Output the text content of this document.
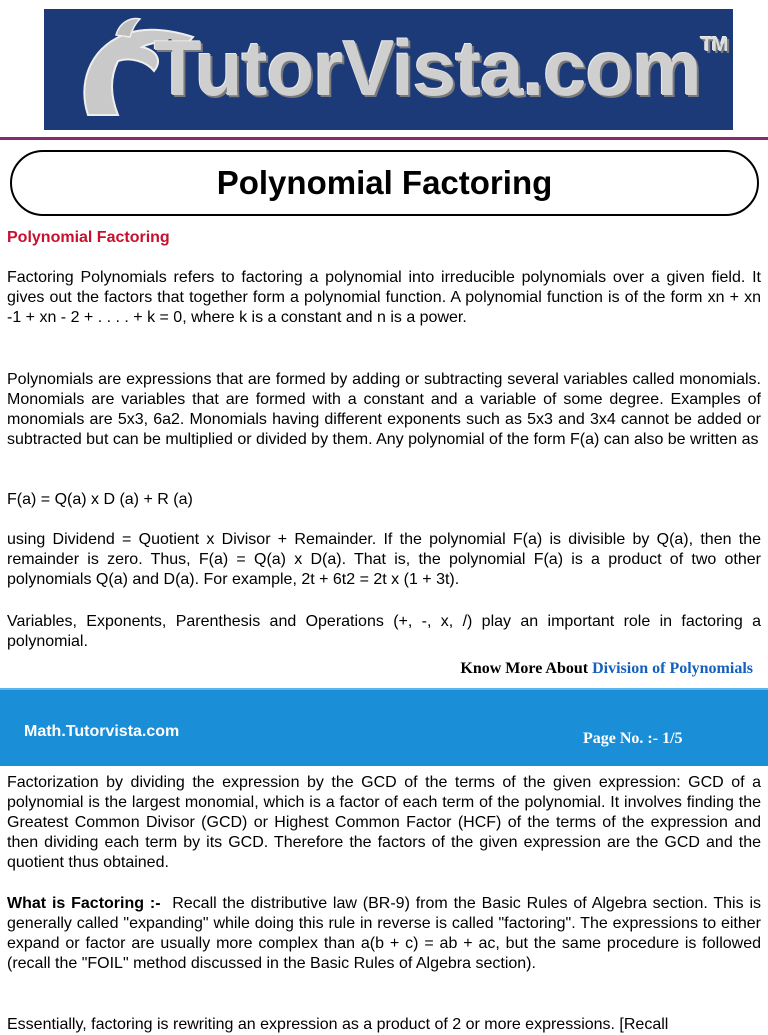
TutorVista.com™
Polynomial Factoring
Polynomial Factoring

Factoring Polynomials refers to factoring a polynomial into irreducible polynomials over a given field. It gives out the factors that together form a polynomial function. A polynomial function is of the form xn + xn -1 + xn - 2 + . . . . + k = 0, where k is a constant and n is a power.

Polynomials are expressions that are formed by adding or subtracting several variables called monomials. Monomials are variables that are formed with a constant and a variable of some degree. Examples of monomials are 5x3, 6a2. Monomials having different exponents such as 5x3 and 3x4 cannot be added or subtracted but can be multiplied or divided by them. Any polynomial of the form F(a) can also be written as

F(a) = Q(a) x D (a) + R (a)

using Dividend = Quotient x Divisor + Remainder. If the polynomial F(a) is divisible by Q(a), then the remainder is zero. Thus, F(a) = Q(a) x D(a). That is, the polynomial F(a) is a product of two other polynomials Q(a) and D(a). For example, 2t + 6t2 = 2t x (1 + 3t).

Variables, Exponents, Parenthesis and Operations (+, -, x, /) play an important role in factoring a polynomial.

Know More About Division of Polynomials
Math.Tutorvista.com	Page No. :- 1/5

Factorization by dividing the expression by the GCD of the terms of the given expression: GCD of a polynomial is the largest monomial, which is a factor of each term of the polynomial. It involves finding the Greatest Common Divisor (GCD) or Highest Common Factor (HCF) of the terms of the expression and then dividing each term by its GCD. Therefore the factors of the given expression are the GCD and the quotient thus obtained.

What is Factoring :- Recall the distributive law (BR-9) from the Basic Rules of Algebra section. This is generally called "expanding" while doing this rule in reverse is called "factoring". The expressions to either expand or factor are usually more complex than a(b + c) = ab + ac, but the same procedure is followed (recall the "FOIL" method discussed in the Basic Rules of Algebra section).

Essentially, factoring is rewriting an expression as a product of 2 or more expressions. [Recall
